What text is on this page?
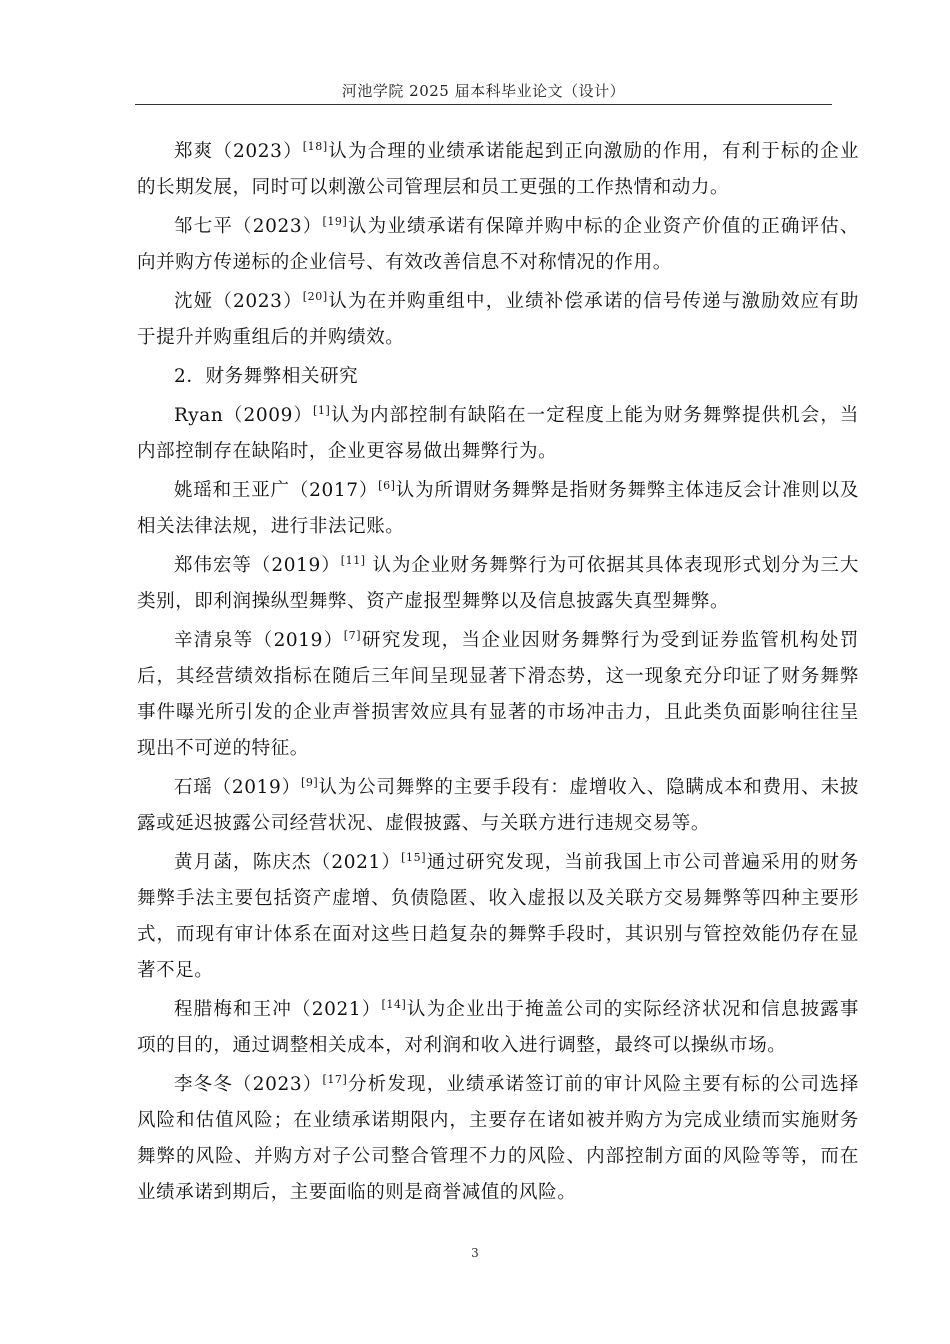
河池学院 2025 届本科毕业论文（设计）

郑爽（2023）[18]认为合理的业绩承诺能起到正向激励的作用，有利于标的企业的长期发展，同时可以刺激公司管理层和员工更强的工作热情和动力。

邹七平（2023）[19]认为业绩承诺有保障并购中标的企业资产价值的正确评估、向并购方传递标的企业信号、有效改善信息不对称情况的作用。

沈娅（2023）[20]认为在并购重组中，业绩补偿承诺的信号传递与激励效应有助于提升并购重组后的并购绩效。

2．财务舞弊相关研究

Ryan（2009）[1]认为内部控制有缺陷在一定程度上能为财务舞弊提供机会，当内部控制存在缺陷时，企业更容易做出舞弊行为。

姚瑶和王亚广（2017）[6]认为所谓财务舞弊是指财务舞弊主体违反会计准则以及相关法律法规，进行非法记账。

郑伟宏等（2019）[11] 认为企业财务舞弊行为可依据其具体表现形式划分为三大类别，即利润操纵型舞弊、资产虚报型舞弊以及信息披露失真型舞弊。

辛清泉等（2019）[7]研究发现，当企业因财务舞弊行为受到证券监管机构处罚后，其经营绩效指标在随后三年间呈现显著下滑态势，这一现象充分印证了财务舞弊事件曝光所引发的企业声誉损害效应具有显著的市场冲击力，且此类负面影响往往呈现出不可逆的特征。

石瑶（2019）[9]认为公司舞弊的主要手段有：虚增收入、隐瞒成本和费用、未披露或延迟披露公司经营状况、虚假披露、与关联方进行违规交易等。

黄月菡，陈庆杰（2021）[15]通过研究发现，当前我国上市公司普遍采用的财务舞弊手法主要包括资产虚增、负债隐匿、收入虚报以及关联方交易舞弊等四种主要形式，而现有审计体系在面对这些日趋复杂的舞弊手段时，其识别与管控效能仍存在显著不足。

程腊梅和王冲（2021）[14]认为企业出于掩盖公司的实际经济状况和信息披露事项的目的，通过调整相关成本，对利润和收入进行调整，最终可以操纵市场。

李冬冬（2023）[17]分析发现，业绩承诺签订前的审计风险主要有标的公司选择风险和估值风险；在业绩承诺期限内，主要存在诸如被并购方为完成业绩而实施财务舞弊的风险、并购方对子公司整合管理不力的风险、内部控制方面的风险等等，而在业绩承诺到期后，主要面临的则是商誉减值的风险。

3
